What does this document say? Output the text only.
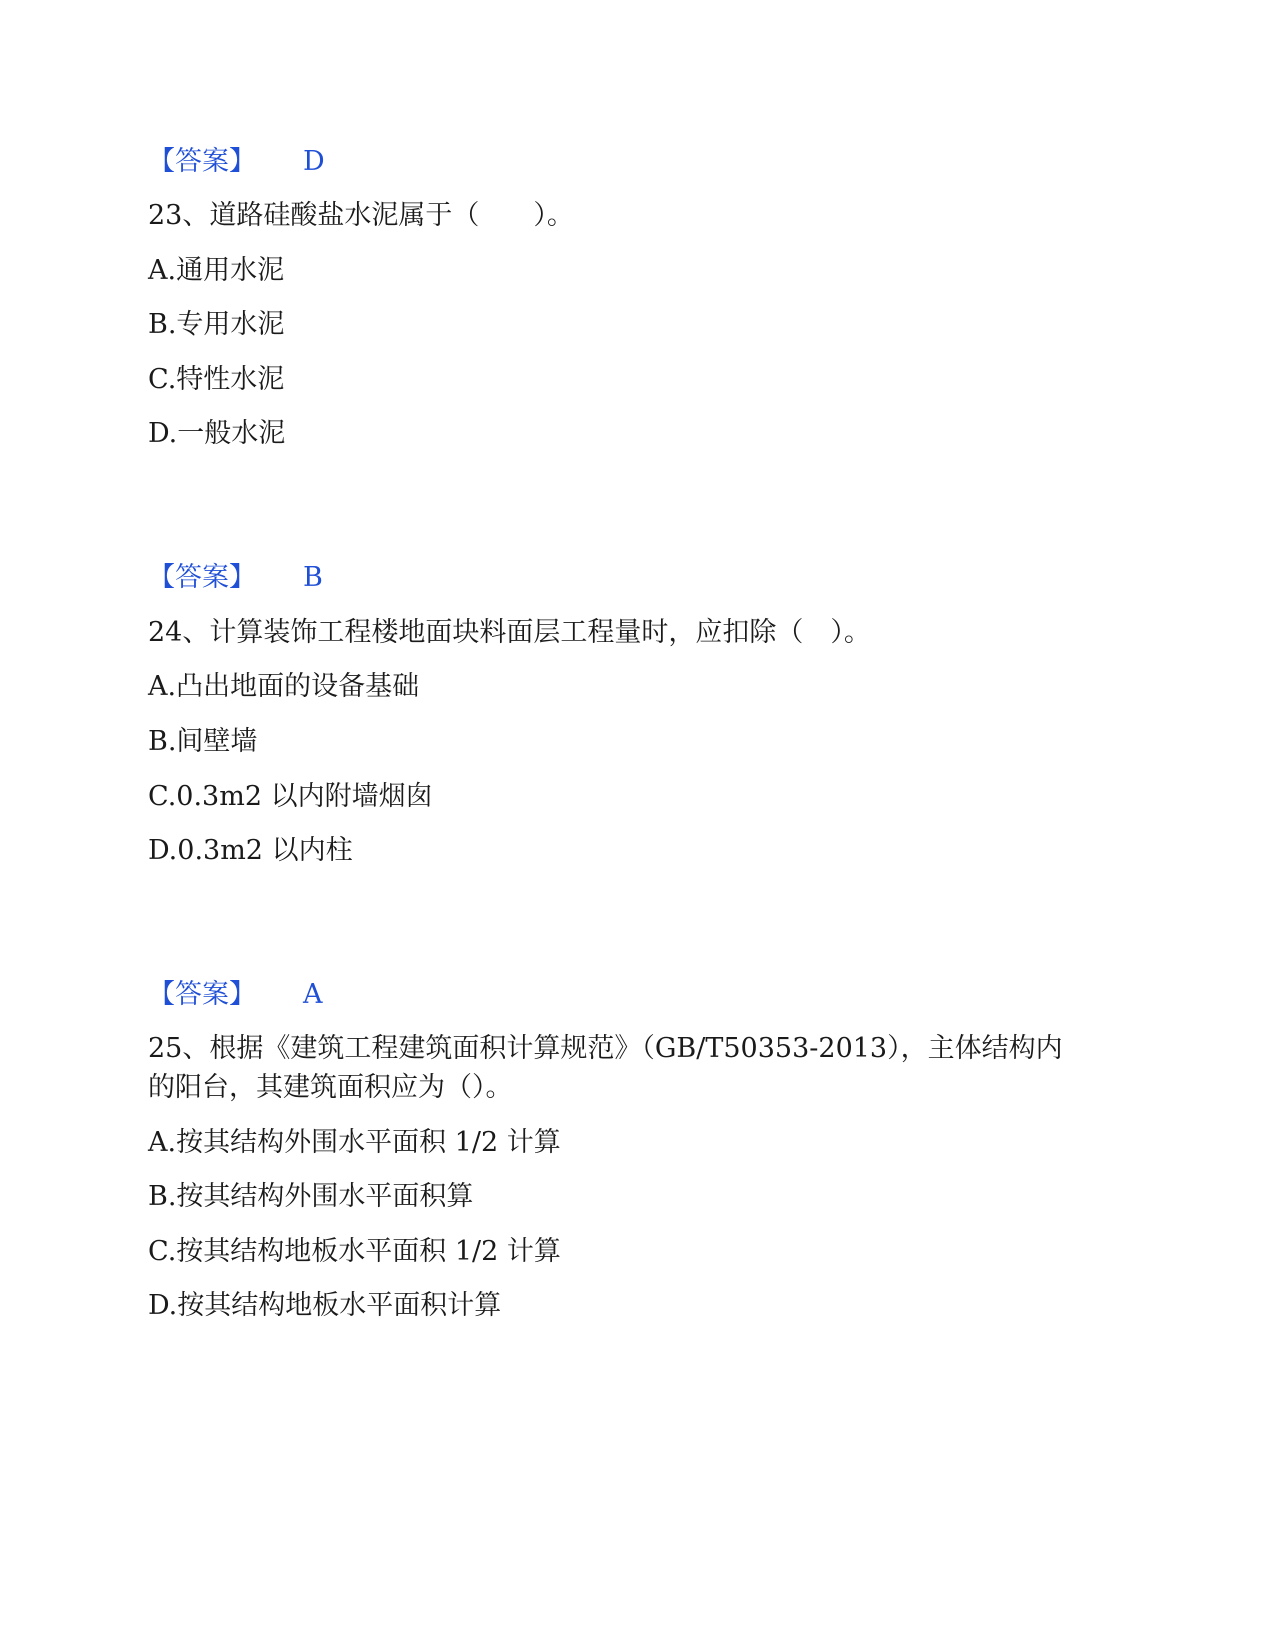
【答案】 D
23、道路硅酸盐水泥属于（　　）。
A.通用水泥
B.专用水泥
C.特性水泥
D.一般水泥
【答案】 B
24、计算装饰工程楼地面块料面层工程量时，应扣除（　）。
A.凸出地面的设备基础
B.间壁墙
C.0.3m2 以内附墙烟囱
D.0.3m2 以内柱
【答案】 A
25、根据《建筑工程建筑面积计算规范》（GB/T50353-2013），主体结构内
的阳台，其建筑面积应为（）。
A.按其结构外围水平面积 1/2 计算
B.按其结构外围水平面积算
C.按其结构地板水平面积 1/2 计算
D.按其结构地板水平面积计算
